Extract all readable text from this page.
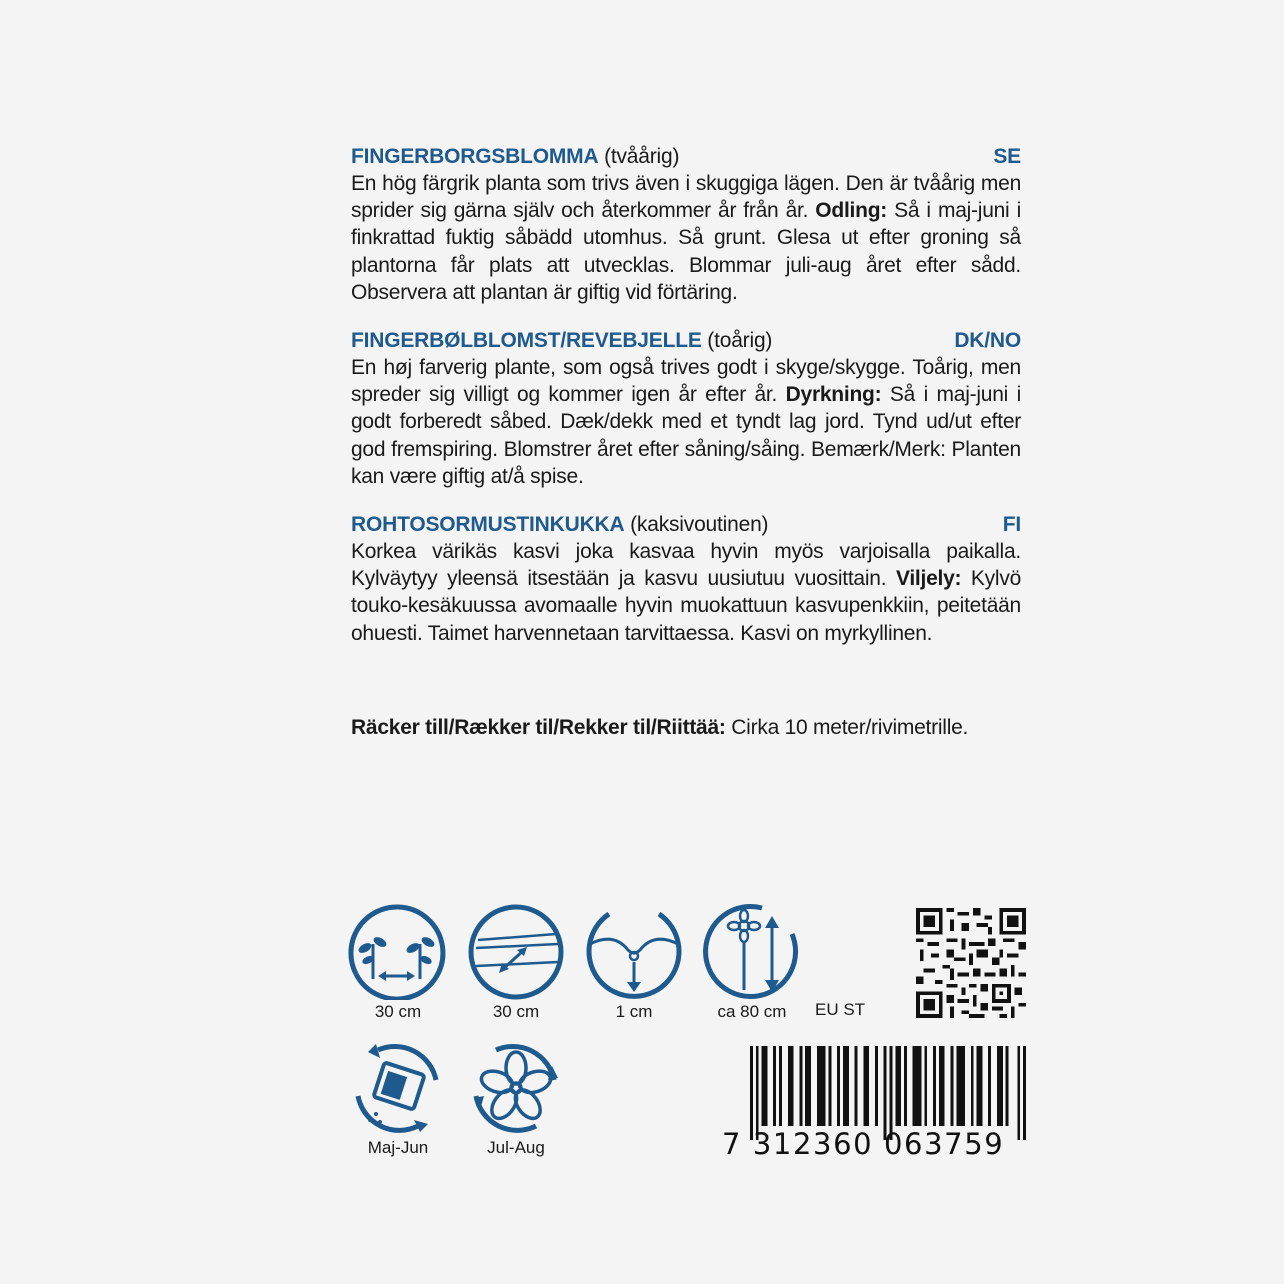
FINGERBORGSBLOMMA (tvåårig)	SE

En hög färgrik planta som trivs även i skuggiga lägen. Den är tvåårig men sprider sig gärna själv och återkommer år från år. Odling: Så i maj-juni i finkrattad fuktig såbädd utomhus. Så grunt. Glesa ut efter groning så plantorna får plats att utvecklas. Blommar juli-aug året efter sådd. Observera att plantan är giftig vid förtäring.

FINGERBØLBLOMST/REVEBJELLE (toårig)	DK/NO

En høj farverig plante, som også trives godt i skyge/skygge. Toårig, men spreder sig villigt og kommer igen år efter år. Dyrkning: Så i maj-juni i godt forberedt såbed. Dæk/dekk med et tyndt lag jord. Tynd ud/ut efter god fremspiring. Blomstrer året efter såning/såing. Bemærk/Merk: Planten kan være giftig at/å spise.

ROHTOSORMUSTINKUKKA (kaksivoutinen)	FI

Korkea värikäs kasvi joka kasvaa hyvin myös varjoisalla paikalla. Kylväytyy yleensä itsestään ja kasvu uusiutuu vuosittain. Viljely: Kylvö touko-kesäkuussa avomaalle hyvin muokattuun kasvupenkkiin, peitetään ohuesti. Taimet harvennetaan tarvittaessa. Kasvi on myrkyllinen.

Räcker till/Rækker til/Rekker til/Riittää: Cirka 10 meter/rivimetrille.
30 cm	30 cm	1 cm	ca 80 cm	EU ST
Maj-Jun	Jul-Aug	7 312360 063759
